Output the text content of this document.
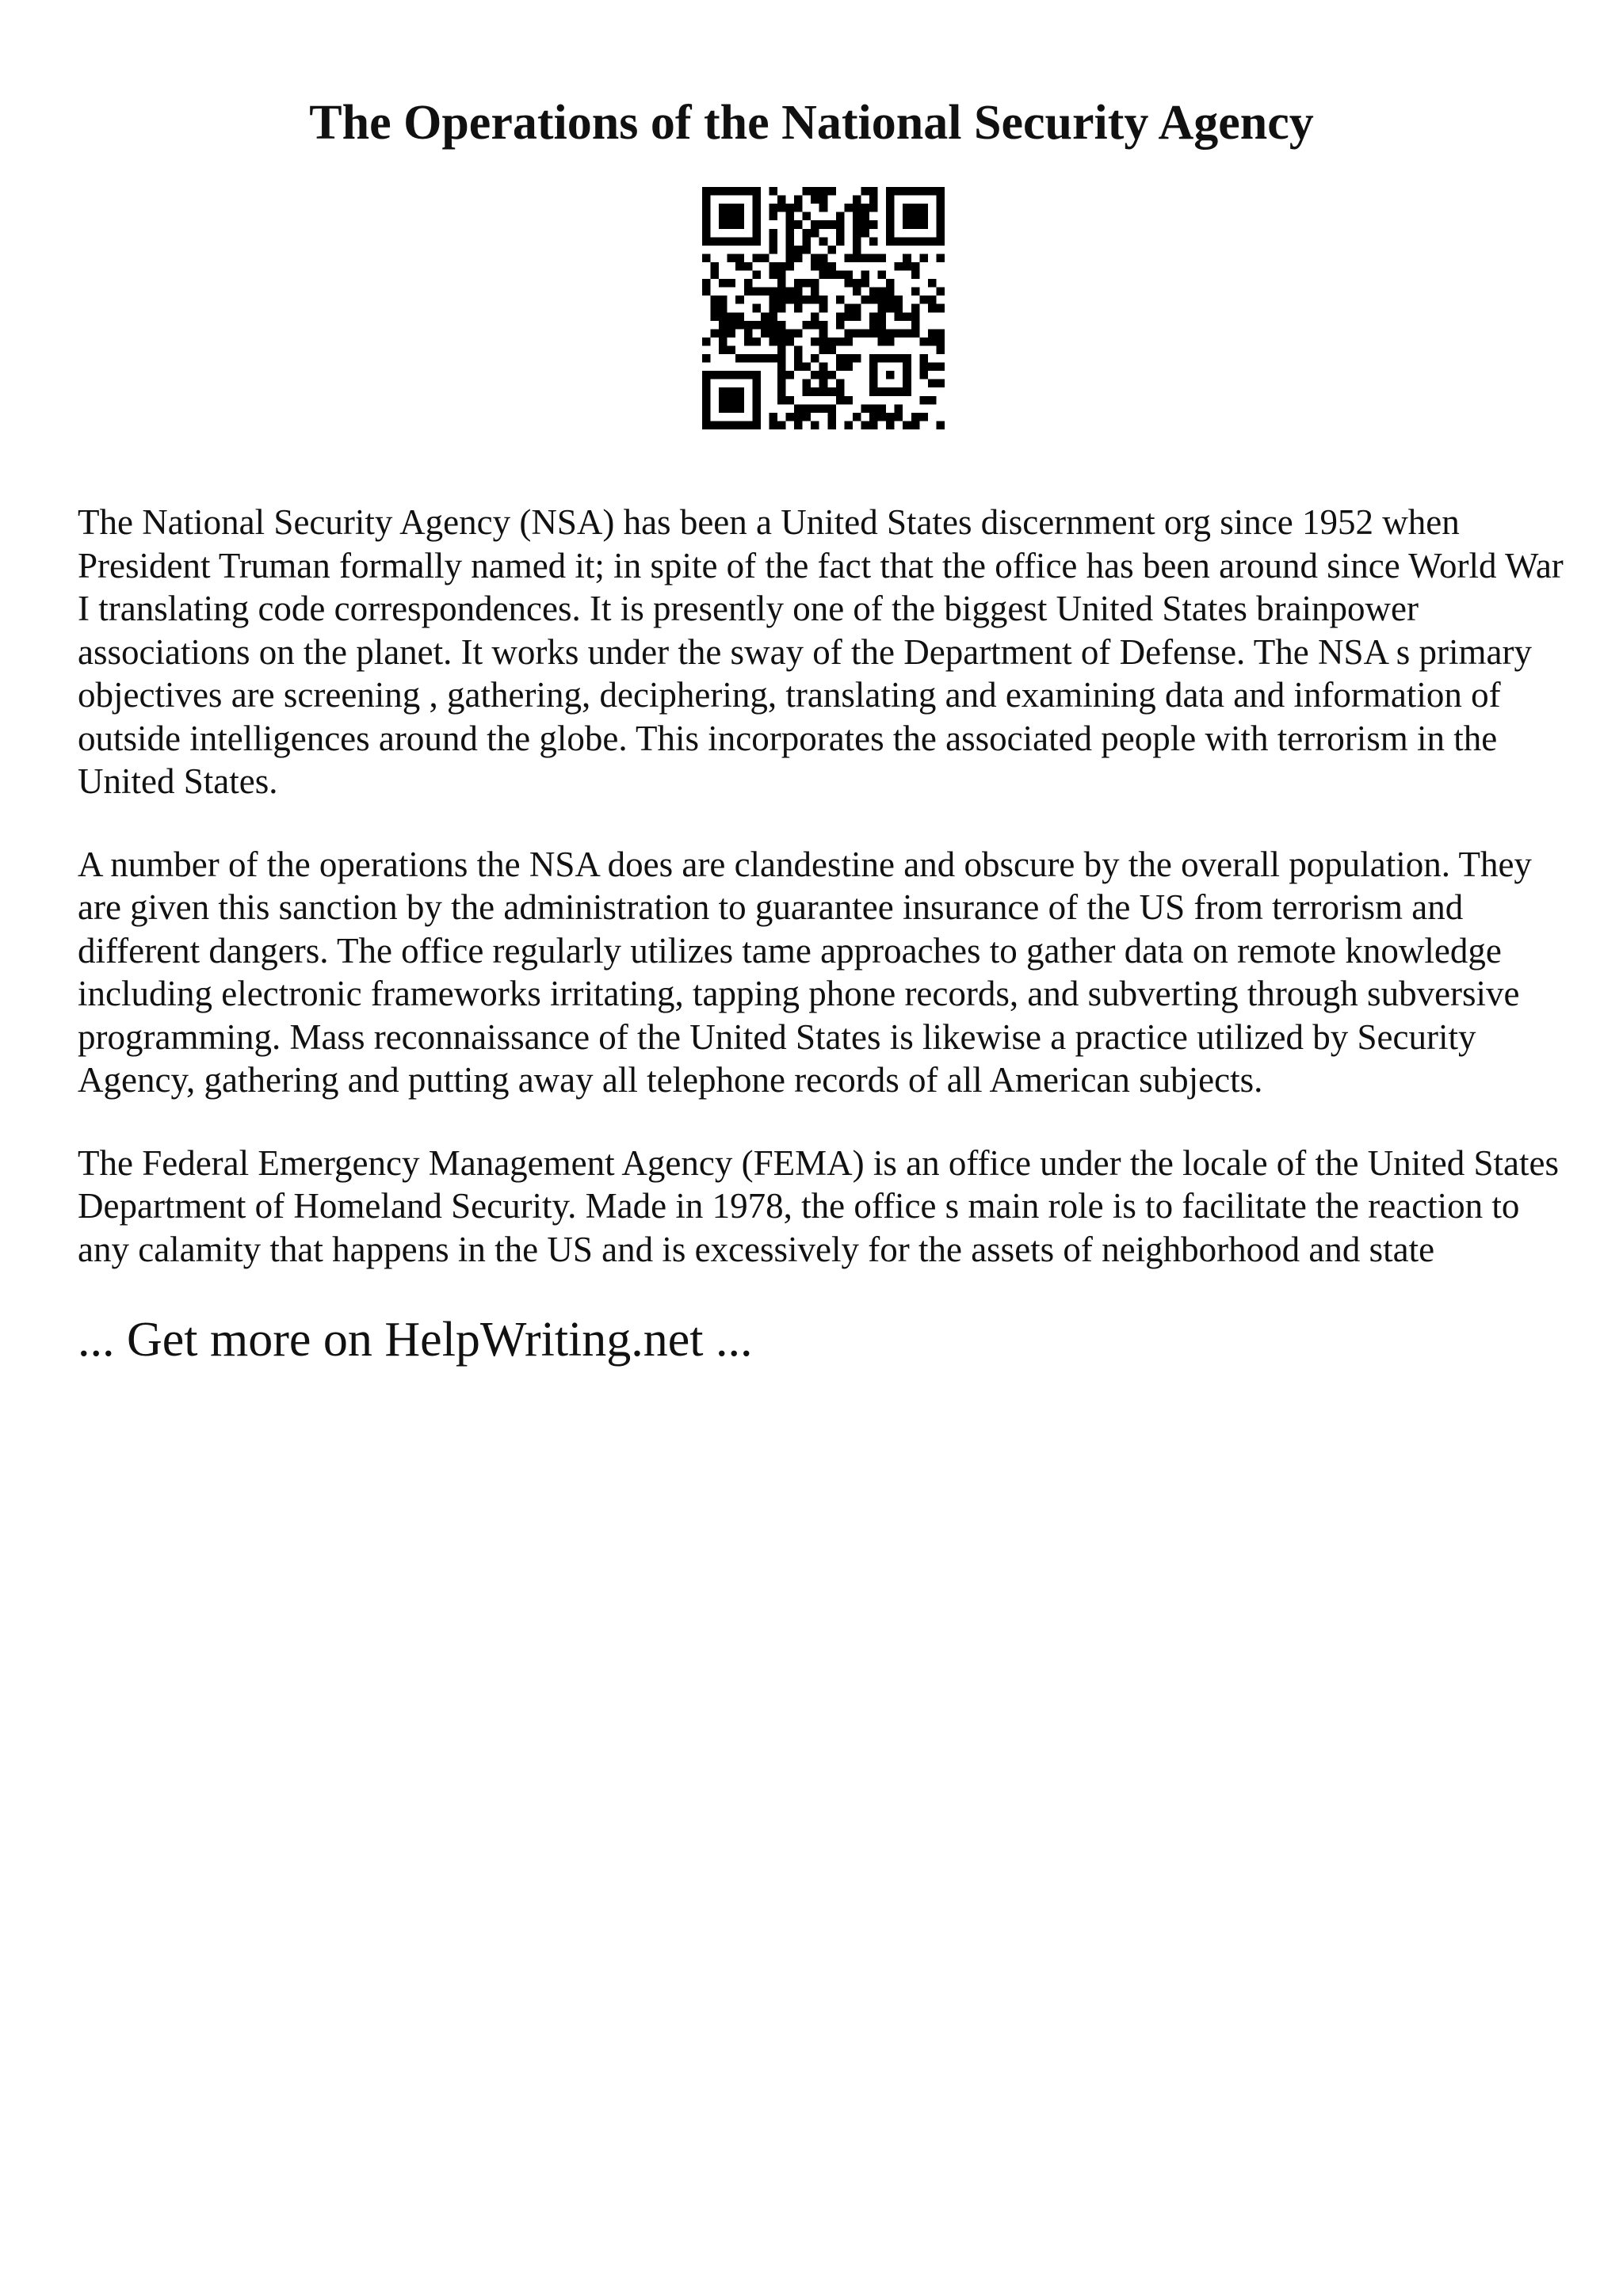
The Operations of the National Security Agency

The National Security Agency (NSA) has been a United States discernment org since 1952 when President Truman formally named it; in spite of the fact that the office has been around since World War I translating code correspondences. It is presently one of the biggest United States brainpower associations on the planet. It works under the sway of the Department of Defense. The NSA s primary objectives are screening , gathering, deciphering, translating and examining data and information of outside intelligences around the globe. This incorporates the associated people with terrorism in the United States.

A number of the operations the NSA does are clandestine and obscure by the overall population. They are given this sanction by the administration to guarantee insurance of the US from terrorism and different dangers. The office regularly utilizes tame approaches to gather data on remote knowledge including electronic frameworks irritating, tapping phone records, and subverting through subversive programming. Mass reconnaissance of the United States is likewise a practice utilized by Security Agency, gathering and putting away all telephone records of all American subjects.

The Federal Emergency Management Agency (FEMA) is an office under the locale of the United States Department of Homeland Security. Made in 1978, the office s main role is to facilitate the reaction to any calamity that happens in the US and is excessively for the assets of neighborhood and state

... Get more on HelpWriting.net ...
